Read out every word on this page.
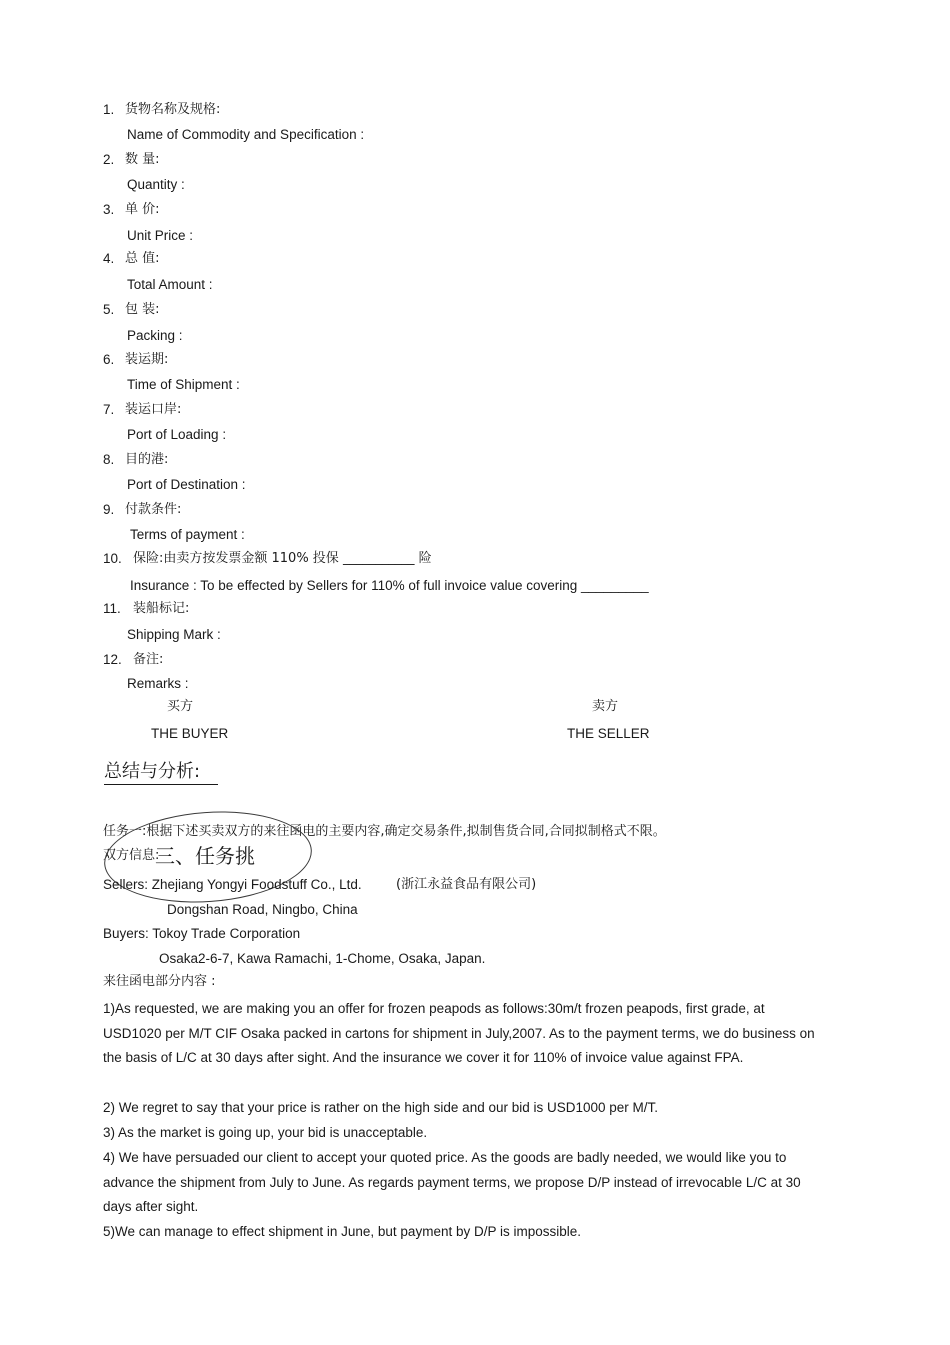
1. 货物名称及规格:
Name of Commodity and Specification :
2. 数 量:
Quantity :
3. 单 价:
Unit Price :
4. 总 值:
Total Amount :
5. 包 装:
Packing :
6. 装运期:
Time of Shipment :
7. 装运口岸:
Port of Loading :
8. 目的港:
Port of Destination :
9. 付款条件:
Terms of payment :
10. 保险:由卖方按发票金额 110% 投保 ___________ 险
Insurance : To be effected by Sellers for 110% of full invoice value covering _________
11. 装船标记:
Shipping Mark :
12. 备注:
Remarks :
买方	卖方
THE BUYER	THE SELLER
总结与分析:
任务一:根据下述买卖双方的来往函电的主要内容,确定交易条件,拟制售货合同,合同拟制格式不限。
双方信息:
三、任务挑
Sellers: Zhejiang Yongyi Foodstuff Co., Ltd.	(浙江永益食品有限公司)
Dongshan Road, Ningbo, China
Buyers: Tokoy Trade Corporation
Osaka2-6-7, Kawa Ramachi, 1-Chome, Osaka, Japan.
来往函电部分内容 :
1)As requested, we are making you an offer for frozen peapods as follows:30m/t frozen peapods, first grade, at USD1020 per M/T CIF Osaka packed in cartons for shipment in July,2007. As to the payment terms, we do business on the basis of L/C at 30 days after sight. And the insurance we cover it for 110% of invoice value against FPA.
2) We regret to say that your price is rather on the high side and our bid is USD1000 per M/T.
3) As the market is going up, your bid is unacceptable.
4) We have persuaded our client to accept your quoted price. As the goods are badly needed, we would like you to advance the shipment from July to June. As regards payment terms, we propose D/P instead of irrevocable L/C at 30 days after sight.
5)We can manage to effect shipment in June, but payment by D/P is impossible.
